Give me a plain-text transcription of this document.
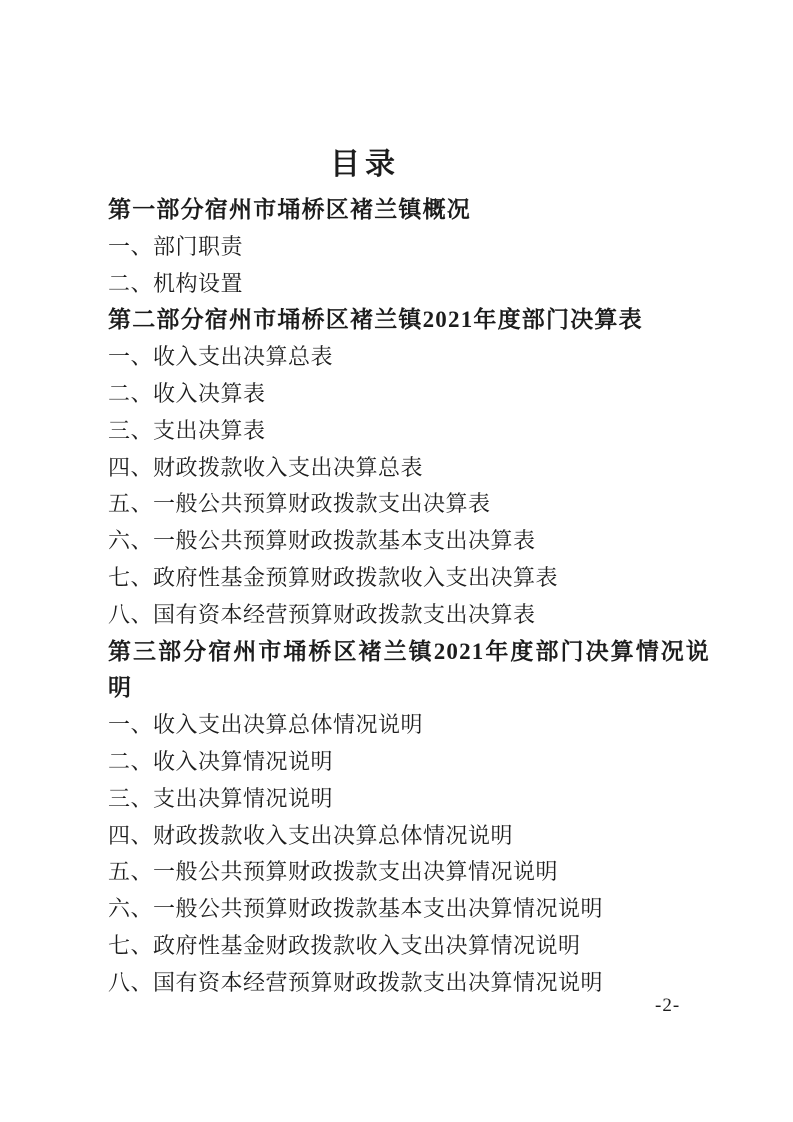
目录
第一部分宿州市埇桥区褚兰镇概况
一、部门职责
二、机构设置
第二部分宿州市埇桥区褚兰镇2021年度部门决算表
一、收入支出决算总表
二、收入决算表
三、支出决算表
四、财政拨款收入支出决算总表
五、一般公共预算财政拨款支出决算表
六、一般公共预算财政拨款基本支出决算表
七、政府性基金预算财政拨款收入支出决算表
八、国有资本经营预算财政拨款支出决算表
第三部分宿州市埇桥区褚兰镇2021年度部门决算情况说明
一、收入支出决算总体情况说明
二、收入决算情况说明
三、支出决算情况说明
四、财政拨款收入支出决算总体情况说明
五、一般公共预算财政拨款支出决算情况说明
六、一般公共预算财政拨款基本支出决算情况说明
七、政府性基金财政拨款收入支出决算情况说明
八、国有资本经营预算财政拨款支出决算情况说明
-2-
